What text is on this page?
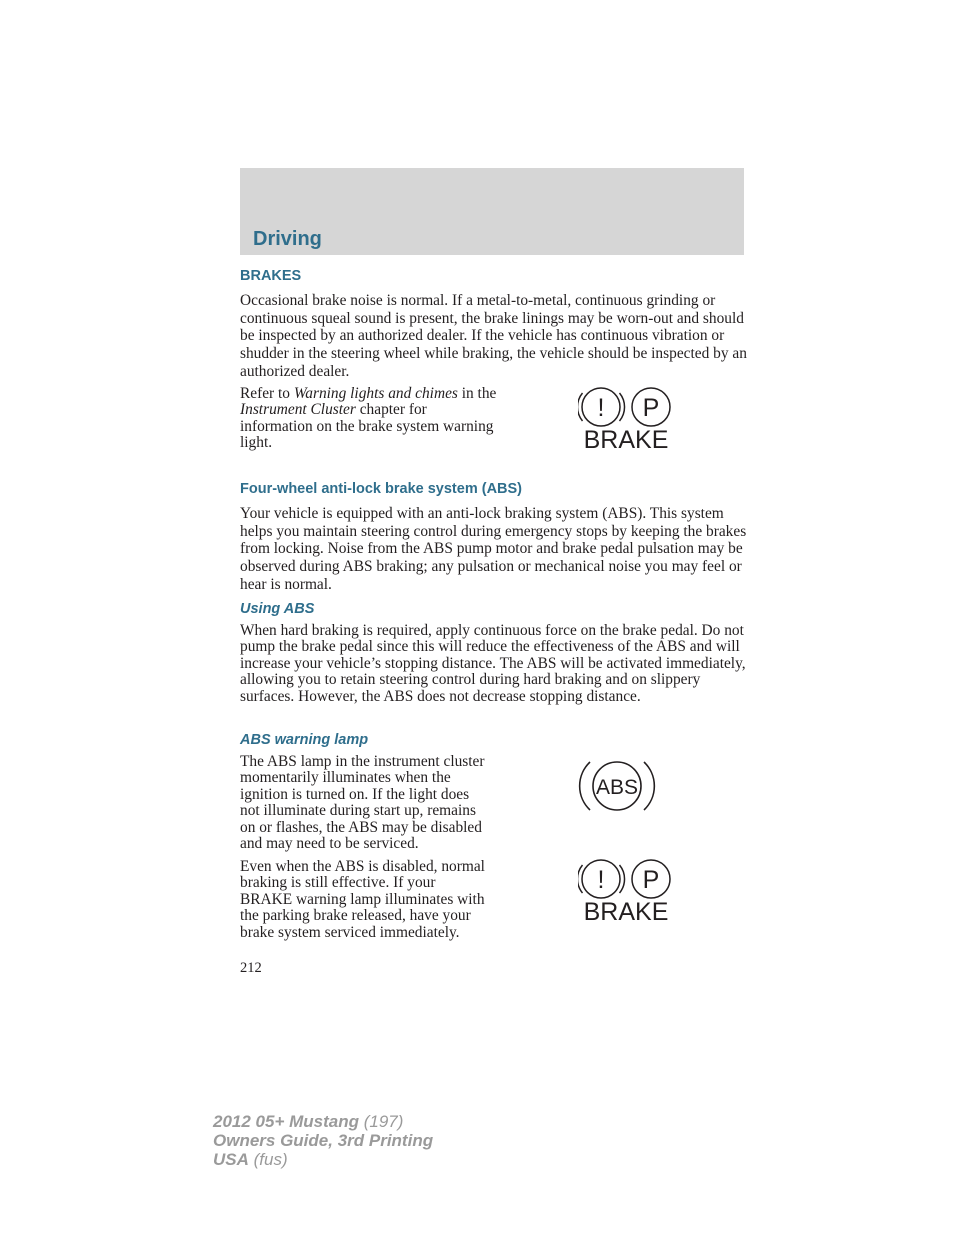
Driving
BRAKES

Occasional brake noise is normal. If a metal-to-metal, continuous grinding or continuous squeal sound is present, the brake linings may be worn-out and should be inspected by an authorized dealer. If the vehicle has continuous vibration or shudder in the steering wheel while braking, the vehicle should be inspected by an authorized dealer.

Refer to Warning lights and chimes in the Instrument Cluster chapter for information on the brake system warning light.

! P
BRAKE
Four-wheel anti-lock brake system (ABS)

Your vehicle is equipped with an anti-lock braking system (ABS). This system helps you maintain steering control during emergency stops by keeping the brakes from locking. Noise from the ABS pump motor and brake pedal pulsation may be observed during ABS braking; any pulsation or mechanical noise you may feel or hear is normal.

Using ABS

When hard braking is required, apply continuous force on the brake pedal. Do not pump the brake pedal since this will reduce the effectiveness of the ABS and will increase your vehicle’s stopping distance. The ABS will be activated immediately, allowing you to retain steering control during hard braking and on slippery surfaces. However, the ABS does not decrease stopping distance.

ABS warning lamp

The ABS lamp in the instrument cluster momentarily illuminates when the ignition is turned on. If the light does not illuminate during start up, remains on or flashes, the ABS may be disabled and may need to be serviced.

ABS

Even when the ABS is disabled, normal braking is still effective. If your BRAKE warning lamp illuminates with the parking brake released, have your brake system serviced immediately.

! P
BRAKE

212

2012 05+ Mustang (197)
Owners Guide, 3rd Printing
USA (fus)
